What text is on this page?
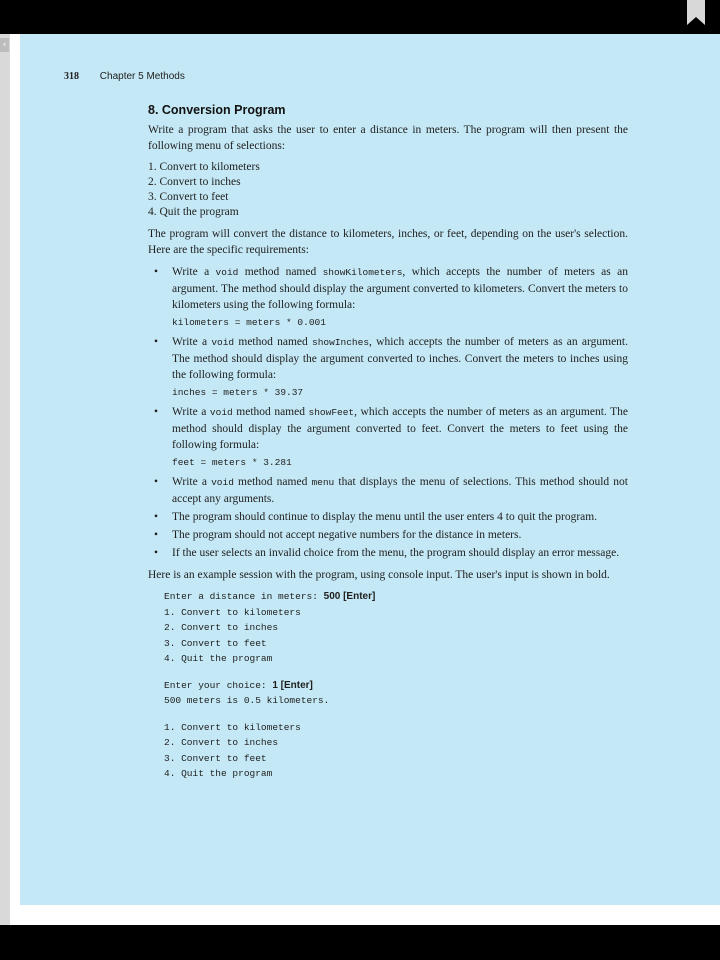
‹
318 Chapter 5 Methods
8. Conversion Program

Write a program that asks the user to enter a distance in meters. The program will then present the following menu of selections:

1. Convert to kilometers
2. Convert to inches
3. Convert to feet
4. Quit the program

The program will convert the distance to kilometers, inches, or feet, depending on the user's selection. Here are the specific requirements:

• Write a void method named showKilometers, which accepts the number of meters as an argument. The method should display the argument converted to kilometers. Convert the meters to kilometers using the following formula:
kilometers = meters * 0.001
• Write a void method named showInches, which accepts the number of meters as an argument. The method should display the argument converted to inches. Convert the meters to inches using the following formula:
inches = meters * 39.37
• Write a void method named showFeet, which accepts the number of meters as an argument. The method should display the argument converted to feet. Convert the meters to feet using the following formula:
feet = meters * 3.281
• Write a void method named menu that displays the menu of selections. This method should not accept any arguments.
• The program should continue to display the menu until the user enters 4 to quit the program.
• The program should not accept negative numbers for the distance in meters.
• If the user selects an invalid choice from the menu, the program should display an error message.

Here is an example session with the program, using console input. The user's input is shown in bold.

Enter a distance in meters: 500 [Enter]
1. Convert to kilometers
2. Convert to inches
3. Convert to feet
4. Quit the program
Enter your choice: 1 [Enter]
500 meters is 0.5 kilometers.
1. Convert to kilometers
2. Convert to inches
3. Convert to feet
4. Quit the program
